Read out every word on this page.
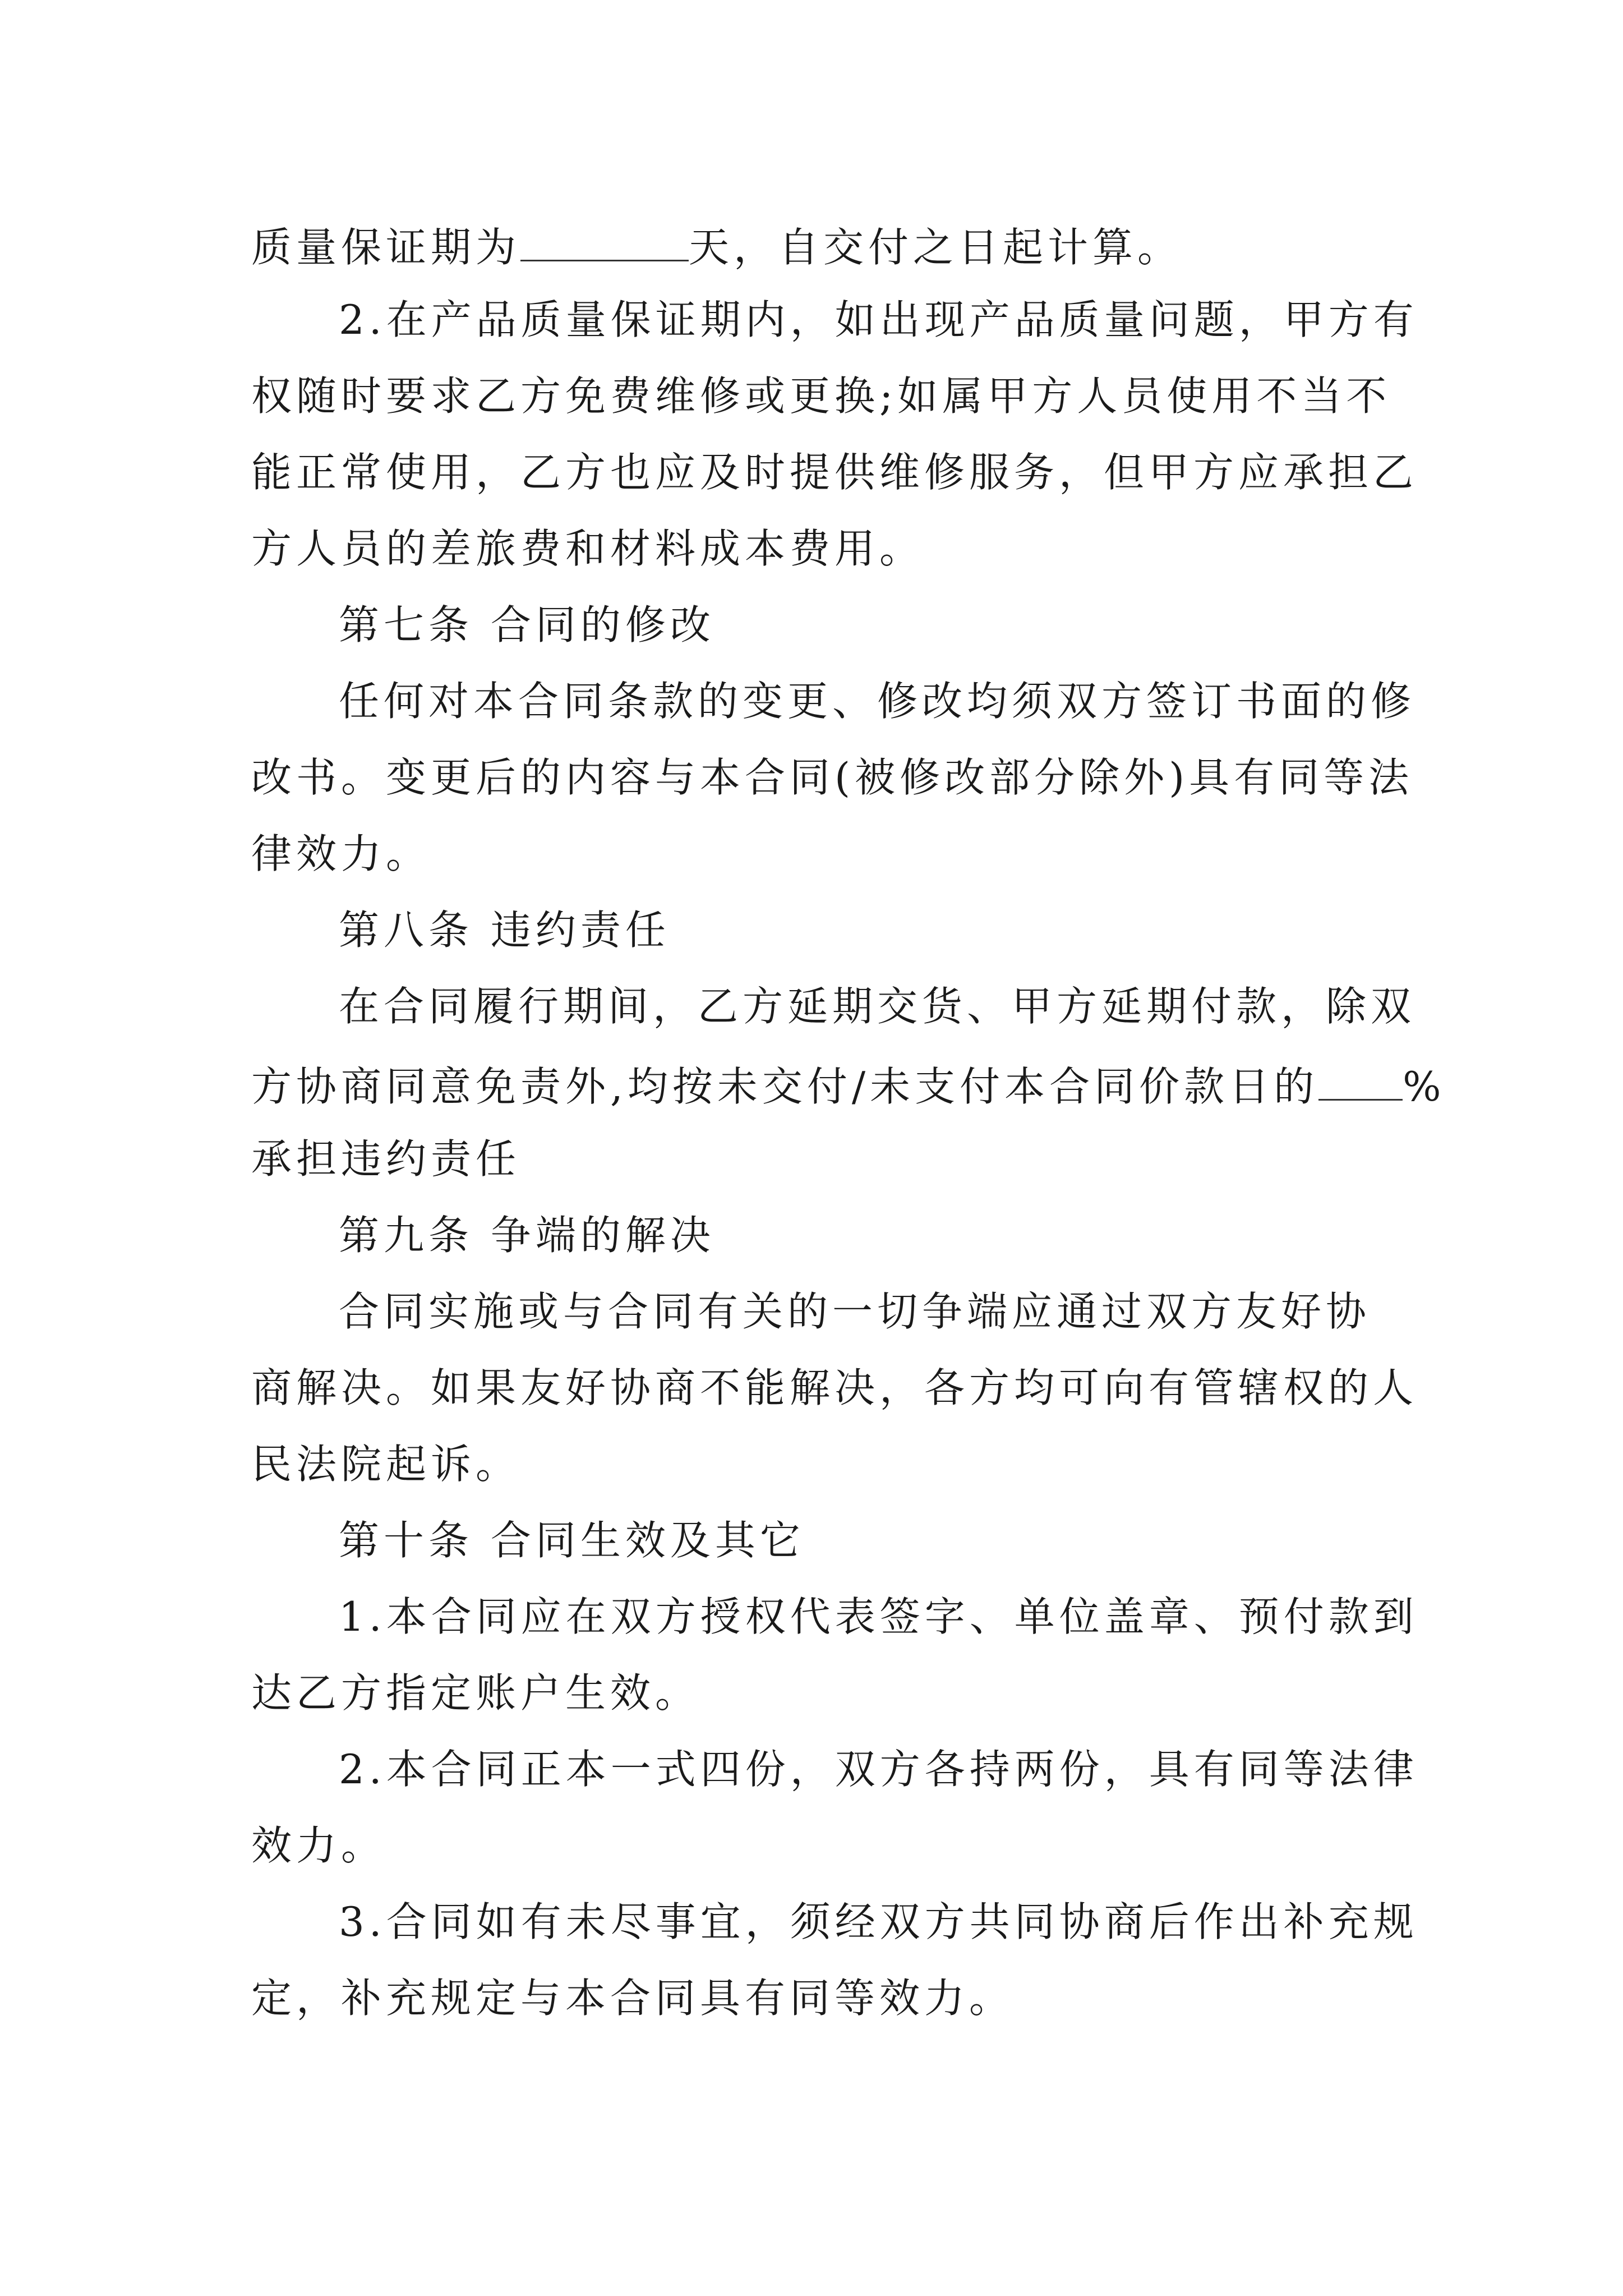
质量保证期为	天，自交付之日起计算。
2.在产品质量保证期内，如出现产品质量问题，甲方有
权随时要求乙方免费维修或更换;如属甲方人员使用不当不
能正常使用，乙方也应及时提供维修服务，但甲方应承担乙
方人员的差旅费和材料成本费用。
第七条 合同的修改
任何对本合同条款的变更、修改均须双方签订书面的修
改书。变更后的内容与本合同(被修改部分除外)具有同等法
律效力。
第八条 违约责任
在合同履行期间，乙方延期交货、甲方延期付款，除双
方协商同意免责外,均按未交付/未支付本合同价款日的 %
承担违约责任
第九条 争端的解决
合同实施或与合同有关的一切争端应通过双方友好协
商解决。如果友好协商不能解决，各方均可向有管辖权的人
民法院起诉。
第十条 合同生效及其它
1.本合同应在双方授权代表签字、单位盖章、预付款到
达乙方指定账户生效。
2.本合同正本一式四份，双方各持两份，具有同等法律
效力。
3.合同如有未尽事宜，须经双方共同协商后作出补充规
定，补充规定与本合同具有同等效力。
